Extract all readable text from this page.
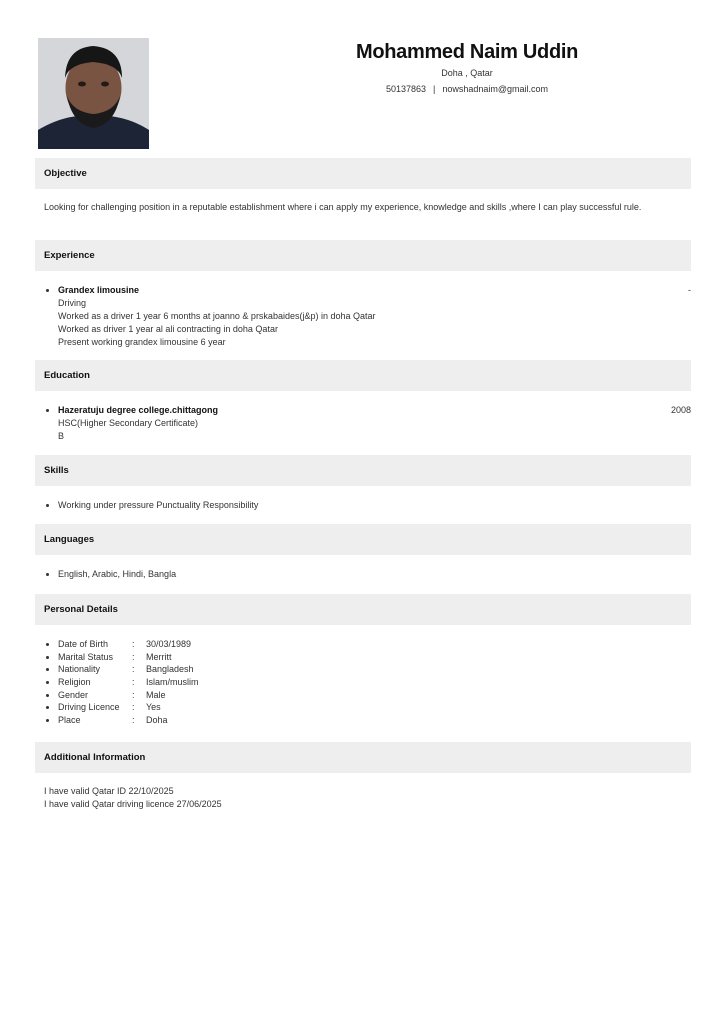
Mohammed Naim Uddin
Doha , Qatar
50137863 | nowshadnaim@gmail.com
Objective
Looking for challenging position in a reputable establishment where i can apply my experience, knowledge and skills ,where I can play successful rule.
Experience
Grandex limousine	-
Driving
Worked as a driver 1 year 6 months at joanno & prskabaides(j&p) in doha Qatar
Worked as driver 1 year al ali contracting in doha Qatar
Present working grandex limousine 6 year
Education
Hazeratuju degree college.chittagong	2008
HSC(Higher Secondary Certificate)
B
Skills
Working under pressure Punctuality Responsibility
Languages
English, Arabic, Hindi, Bangla
Personal Details
Date of Birth	: 30/03/1989
Marital Status : Merritt
Nationality	: Bangladesh
Religion	: Islam/muslim
Gender	: Male
Driving Licence : Yes
Place	: Doha
Additional Information
I have valid Qatar ID 22/10/2025
I have valid Qatar driving licence 27/06/2025
